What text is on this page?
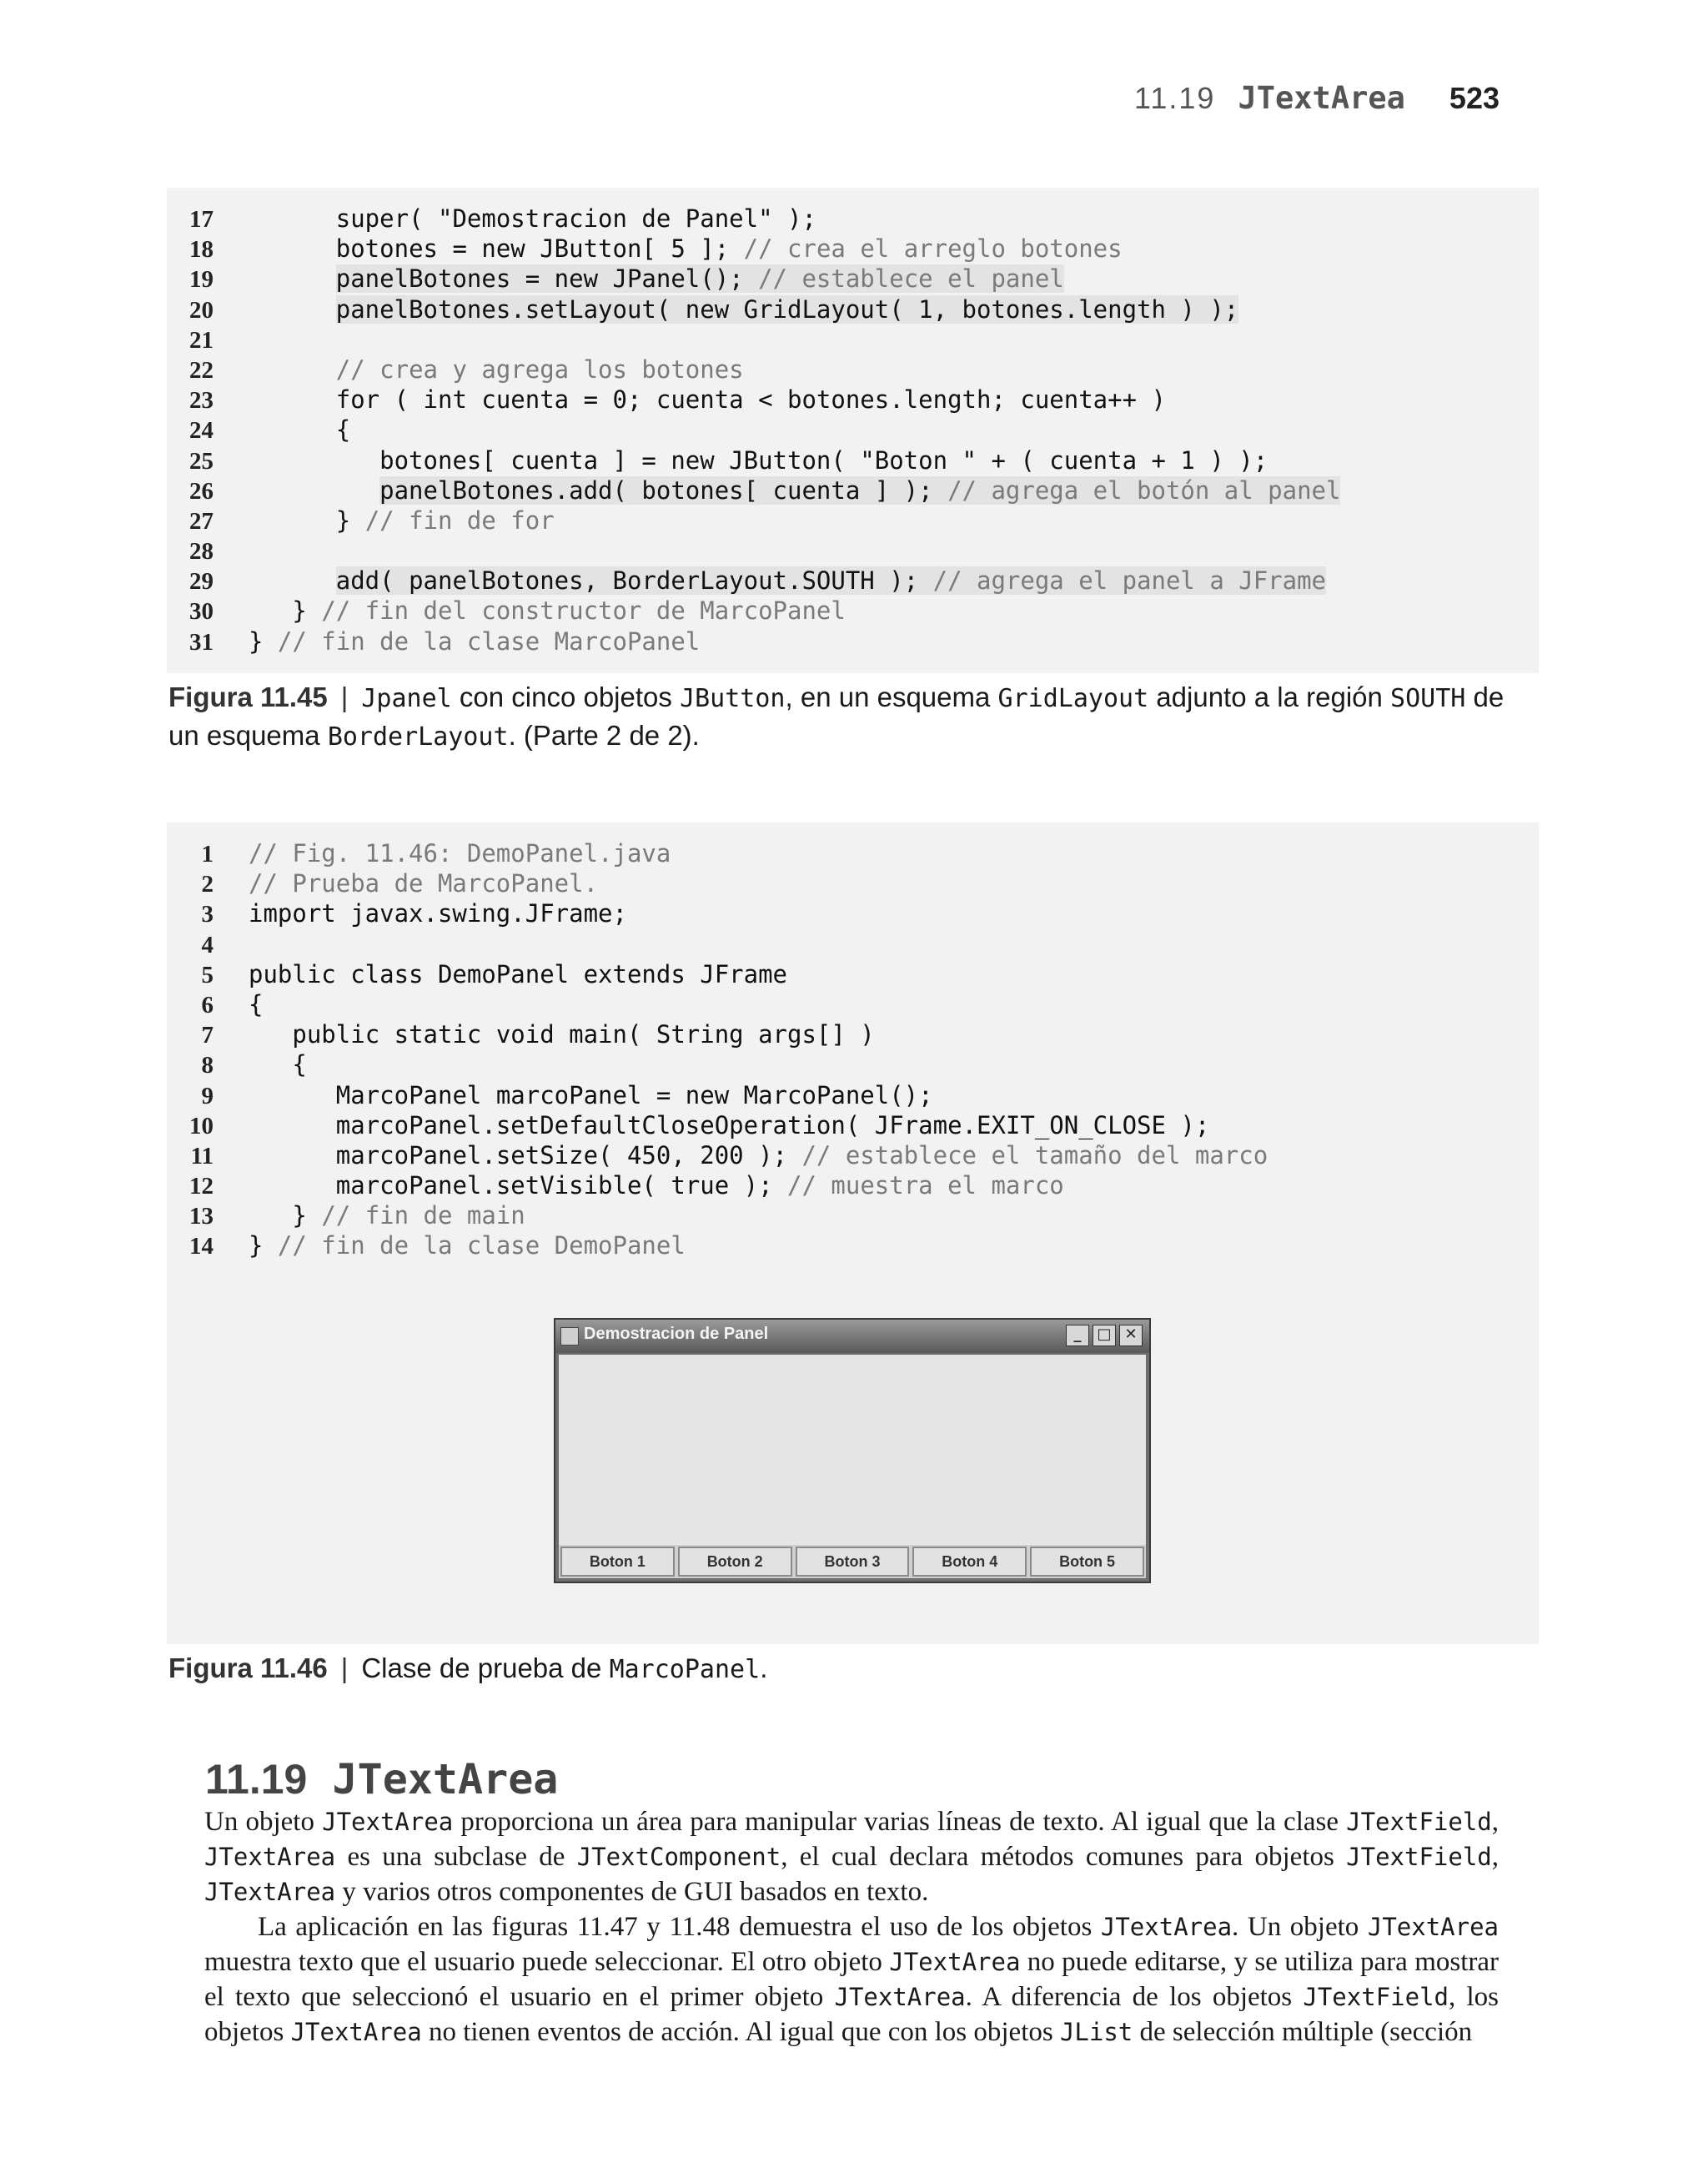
11.19 JTextArea 523
17	super( "Demostracion de Panel" );
18	botones = new JButton[ 5 ]; // crea el arreglo botones
19	panelBotones = new JPanel(); // establece el panel
20	panelBotones.setLayout( new GridLayout( 1, botones.length ) );
21
22	// crea y agrega los botones
23	for ( int cuenta = 0; cuenta < botones.length; cuenta++ )
24	{
25	botones[ cuenta ] = new JButton( "Boton " + ( cuenta + 1 ) );
26	panelBotones.add( botones[ cuenta ] ); // agrega el botón al panel
27	} // fin de for
28
29	add( panelBotones, BorderLayout.SOUTH ); // agrega el panel a JFrame
30	} // fin del constructor de MarcoPanel
31 } // fin de la clase MarcoPanel
Figura 11.45 | Jpanel con cinco objetos JButton, en un esquema GridLayout adjunto a la región SOUTH de un esquema BorderLayout. (Parte 2 de 2).
1 // Fig. 11.46: DemoPanel.java
2 // Prueba de MarcoPanel.
3 import javax.swing.JFrame;
4
5 public class DemoPanel extends JFrame
6 {
7	public static void main( String args[] )
8	{
9	MarcoPanel marcoPanel = new MarcoPanel();
10	marcoPanel.setDefaultCloseOperation( JFrame.EXIT_ON_CLOSE );
11	marcoPanel.setSize( 450, 200 ); // establece el tamaño del marco
12	marcoPanel.setVisible( true ); // muestra el marco
13	} // fin de main
14 } // fin de la clase DemoPanel
Demostracion de Panel	_	□ ✕
Boton 1	Boton 2	Boton 3	Boton 4	Boton 5
Figura 11.46 | Clase de prueba de MarcoPanel.
11.19 JTextArea
Un objeto JTextArea proporciona un área para manipular varias líneas de texto. Al igual que la clase JTextField, JTextArea es una subclase de JTextComponent, el cual declara métodos comunes para objetos JTextField, JTextArea y varios otros componentes de GUI basados en texto.
La aplicación en las figuras 11.47 y 11.48 demuestra el uso de los objetos JTextArea. Un objeto JTextArea muestra texto que el usuario puede seleccionar. El otro objeto JTextArea no puede editarse, y se utiliza para mostrar el texto que seleccionó el usuario en el primer objeto JTextArea. A diferencia de los objetos JTextField, los objetos JTextArea no tienen eventos de acción. Al igual que con los objetos JList de selección múltiple (sección
